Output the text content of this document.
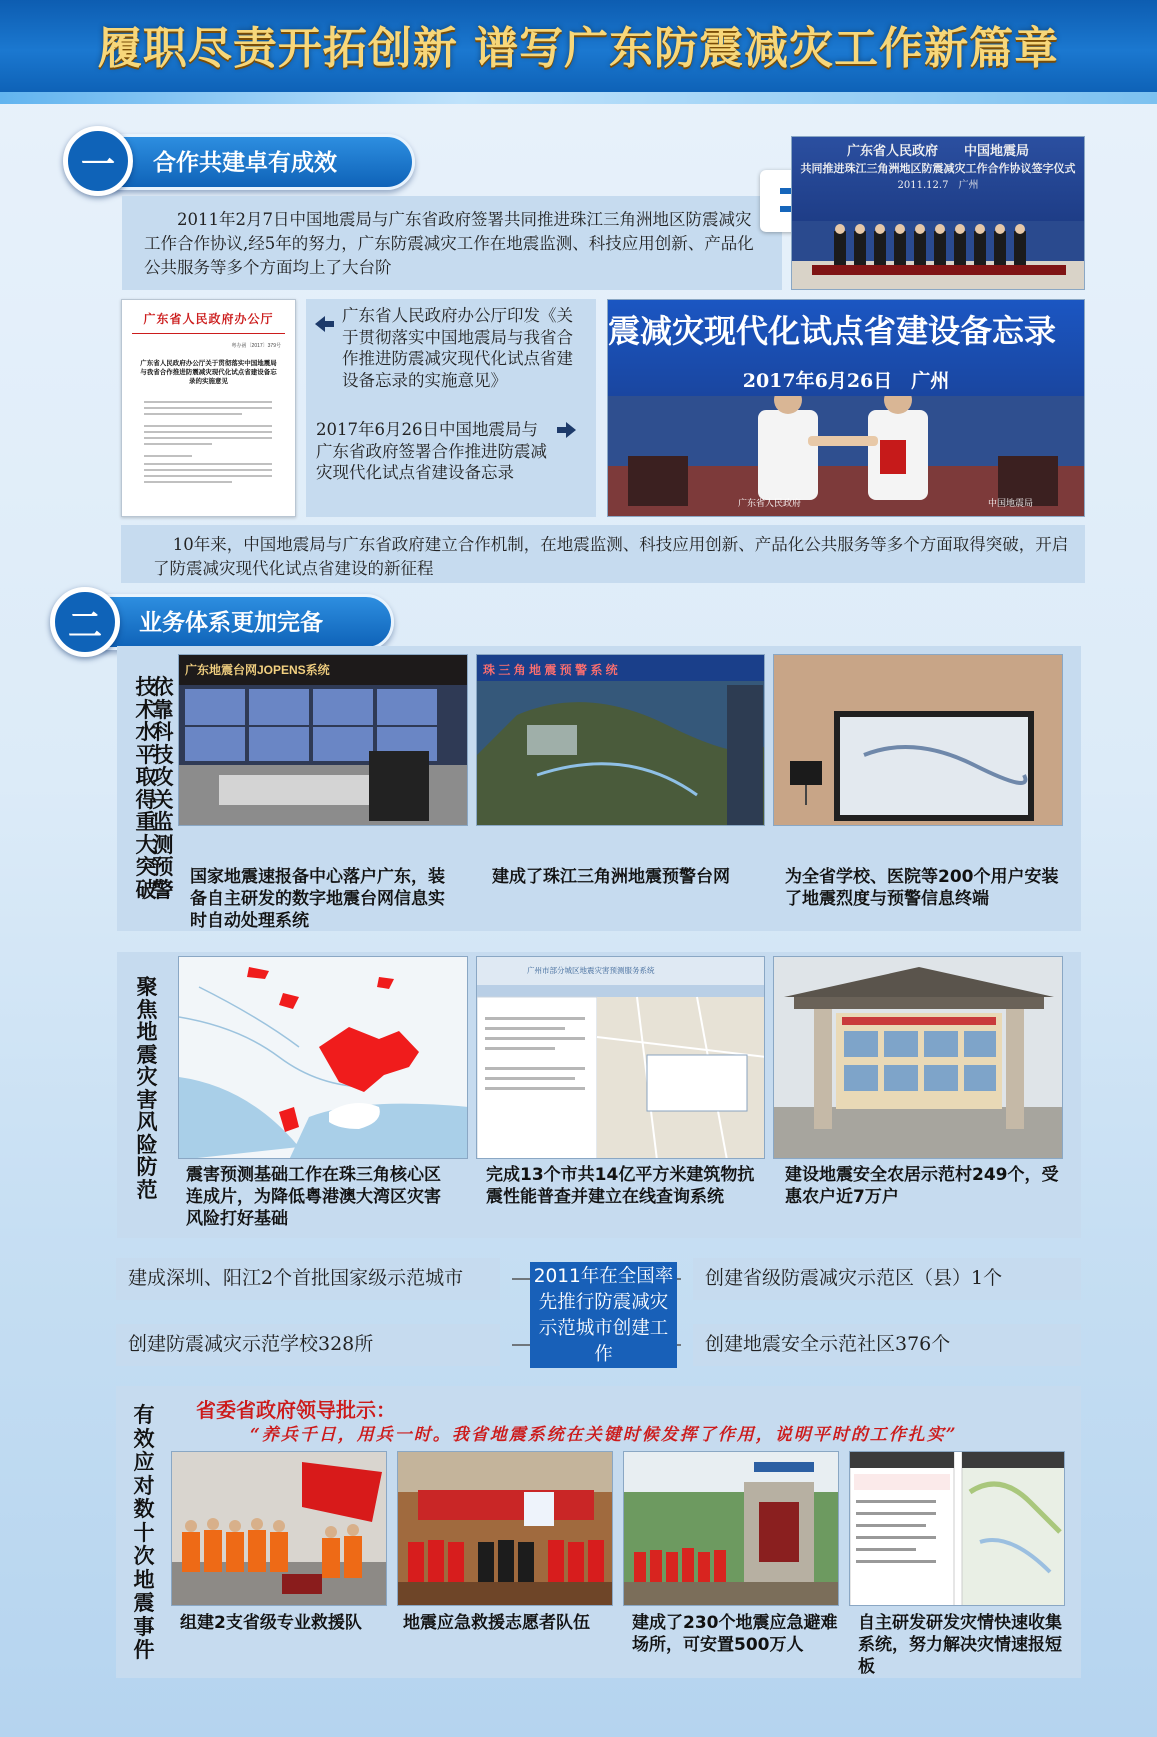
履职尽责开拓创新 谱写广东防震减灾工作新篇章
合作共建卓有成效
一
2011年2月7日中国地震局与广东省政府签署共同推进珠江三角洲地区防震减灾工作合作协议,经5年的努力，广东防震减灾工作在地震监测、科技应用创新、产品化公共服务等多个方面均上了大台阶
广东省人民政府　　中国地震局
共同推进珠江三角洲地区防震减灾工作合作协议签字仪式
2011.12.7　广州
广东省人民政府办公厅
粤办函〔2017〕379号
广东省人民政府办公厅关于贯彻落实中国地震局与我省合作推进防震减灾现代化试点省建设备忘录的实施意见
广东省人民政府办公厅印发《关于贯彻落实中国地震局与我省合作推进防震减灾现代化试点省建设备忘录的实施意见》
2017年6月26日中国地震局与广东省政府签署合作推进防震减灾现代化试点省建设备忘录
震减灾现代化试点省建设备忘录
2017年6月26日　广州
广东省人民政府	中国地震局
10年来，中国地震局与广东省政府建立合作机制，在地震监测、科技应用创新、产品化公共服务等多个方面取得突破，开启了防震减灾现代化试点省建设的新征程
业务体系更加完备
二
技术水平取得重大突破
依靠科技攻关监测预警
广东地震台网JOPENS系统
国家地震速报备中心落户广东，装备自主研发的数字地震台网信息实时自动处理系统
珠 三 角 地 震 预 警 系 统
建成了珠江三角洲地震预警台网	为全省学校、医院等200个用户安装了地震烈度与预警信息终端
聚焦地震灾害风险防范
震害预测基础工作在珠三角核心区连成片，为降低粤港澳大湾区灾害风险打好基础
广州市部分城区地震灾害预测服务系统
完成13个市共14亿平方米建筑物抗震性能普查并建立在线查询系统
建设地震安全农居示范村249个，受惠农户近7万户
建成深圳、阳江2个首批国家级示范城市
创建防震减灾示范学校328所
创建省级防震减灾示范区（县）1个
创建地震安全示范社区376个
2011年在全国率先推行防震减灾示范城市创建工作
有效应对数十次地震事件
省委省政府领导批示：
“养兵千日，用兵一时。我省地震系统在关键时候发挥了作用，说明平时的工作扎实”
组建2支省级专业救援队	地震应急救援志愿者队伍	建成了230个地震应急避难场所，可安置500万人
自主研发研发灾情快速收集系统，努力解决灾情速报短板
